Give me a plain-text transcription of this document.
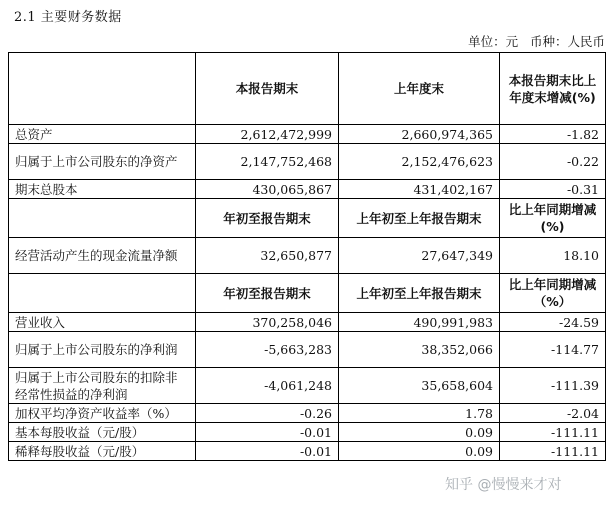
2.1 主要财务数据
单位：元   币种：人民币
	本报告期末	上年度末	本报告期末比上年度末增减(%)
总资产	2,612,472,999	2,660,974,365	-1.82
归属于上市公司股东的净资产	2,147,752,468	2,152,476,623	-0.22
期末总股本	430,065,867	431,402,167	-0.31
	年初至报告期末	上年初至上年报告期末	比上年同期增减(%)
经营活动产生的现金流量净额	32,650,877	27,647,349	18.10
	年初至报告期末	上年初至上年报告期末	比上年同期增减（%）
营业收入	370,258,046	490,991,983	-24.59
归属于上市公司股东的净利润	-5,663,283	38,352,066	-114.77
归属于上市公司股东的扣除非经常性损益的净利润	-4,061,248	35,658,604	-111.39
加权平均净资产收益率（%）	-0.26	1.78	-2.04
基本每股收益（元/股）	-0.01	0.09	-111.11
稀释每股收益（元/股）	-0.01	0.09	-111.11
知乎 @慢慢来才对
